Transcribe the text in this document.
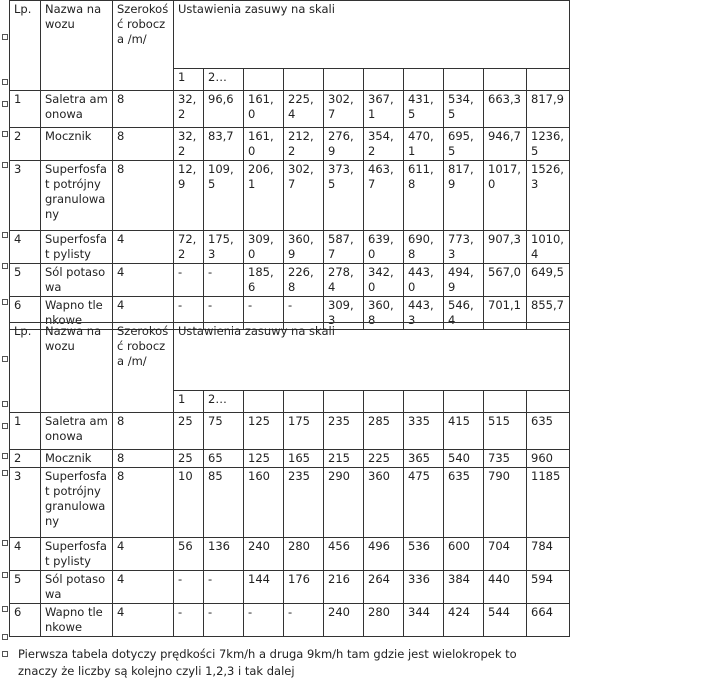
Lp.	Nazwa nawozu	Szerokość robocza /m/	Ustawienia zasuwy na skali									
			1	2…								
1	Saletra amonowa	8	32,2	96,6	161,0	225,4	302,7	367,1	431,5	534,5	663,3	817,9
2	Mocznik	8	32,2	83,7	161,0	212,2	276,9	354,2	470,1	695,5	946,7	1236,5
3	Superfosfat potrójny granulowany	8	12,9	109,5	206,1	302,7	373,5	463,7	611,8	817,9	1017,0	1526,3
4	Superfosfat pylisty	4	72,2	175,3	309,0	360,9	587,7	639,0	690,8	773,3	907,3	1010,4
5	Sól potasowa	4	-	-	185,6	226,8	278,4	342,0	443,0	494,9	567,0	649,5
6	Wapno tlenkowe	4	-	-	-	-	309,3	360,8	443,3	546,4	701,1	855,7
Lp.	Nazwa nawozu	Szerokość robocza /m/	Ustawienia zasuwy na skali									
			1	2…								
1	Saletra amonowa	8	25	75	125	175	235	285	335	415	515	635
2	Mocznik	8	25	65	125	165	215	225	365	540	735	960
3	Superfosfat potrójny granulowany	8	10	85	160	235	290	360	475	635	790	1185
4	Superfosfat pylisty	4	56	136	240	280	456	496	536	600	704	784
5	Sól potasowa	4	-	-	144	176	216	264	336	384	440	594
6	Wapno tlenkowe	4	-	-	-	-	240	280	344	424	544	664
Pierwsza tabela dotyczy prędkości 7km/h a druga 9km/h tam gdzie jest wielokropek to znaczy że liczby są kolejno czyli 1,2,3 i tak dalej
